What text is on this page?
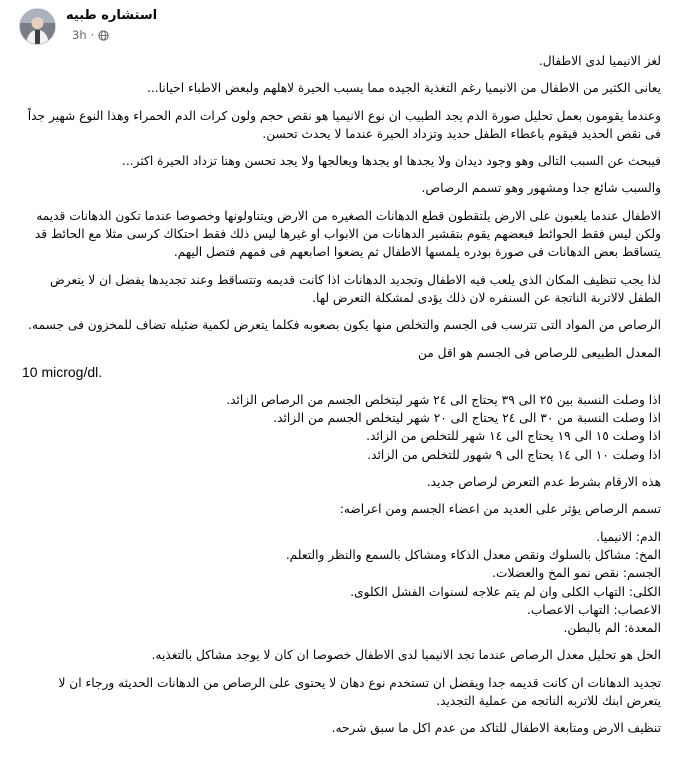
استشاره طبيه
3h ·

لغز الانيميا لدى الاطفال.

يعانى الكثير من الاطفال من الانيميا رغم التغذية الجيده مما يسبب الحيرة لاهلهم ولبعض الاطباء احيانا...

وعندما يقومون بعمل تحليل صورة الدم يجد الطبيب ان نوع الانيميا هو نقص حجم ولون كرات الدم الحمراء وهذا النوع شهير جداً فى نقص الحديد فيقوم باعطاء الطفل حديد وتزداد الحيرة عندما لا يحدث تحسن.

فيبحث عن السبب التالى وهو وجود ديدان ولا يجدها او يجدها ويعالجها ولا يجد تحسن وهنا تزداد الحيرة اكثر...

والسبب شائع جدا ومشهور وهو تسمم الرصاص.

الاطفال عندما يلعبون على الارض يلتقطون قطع الدهانات الصغيره من الارض ويتناولونها وخصوصا عندما تكون الدهانات قديمه ولكن ليس فقط الحوائط فبعضهم يقوم بتقشير الدهانات من الابواب او غيرها ليس ذلك فقط احتكاك كرسى مثلا مع الحائط قد يتساقط بعض الدهانات فى صورة بودره يلمسها الاطفال ثم يضعوا اصابعهم فى فمهم فتصل اليهم.

لذا يجب تنظيف المكان الذى يلعب فيه الاطفال وتجديد الدهانات اذا كانت قديمه وتتساقط وعند تجديدها يفضل ان لا يتعرض الطفل لالاتربة الناتجة عن السنفره لان ذلك يؤدى لمشكلة التعرض لها.

الرصاص من المواد التى تترسب فى الجسم والتخلص منها يكون بصعوبه فكلما يتعرض لكمية ضئيله تضاف للمخزون فى جسمه.

المعدل الطبيعى للرصاص فى الجسم هو اقل من

10 microg/dl.

اذا وصلت النسبة بين ٢٥ الى ٣٩ يحتاج الى ٢٤ شهر ليتخلص الجسم من الرصاص الزائد.

اذا وصلت النسبة من ٣٠ الى ٢٤ يحتاج الى ٢٠ شهر ليتخلص الجسم من الزائد.

اذا وصلت ١٥ الى ١٩ يحتاج الى ١٤ شهر للتخلص من الزائد.

اذا وصلت ١٠ الى ١٤ يحتاج الى ٩ شهور للتخلص من الزائد.

هذه الارقام بشرط عدم التعرض لرصاص جديد.

تسمم الرصاص يؤثر على العديد من اعضاء الجسم ومن اعراضه:

الدم: الانيميا.

المخ: مشاكل بالسلوك ونقص معدل الذكاء ومشاكل بالسمع والنظر والتعلم.

الجسم: نقص نمو المخ والعضلات.

الكلى: التهاب الكلى وان لم يتم علاجه لسنوات الفشل الكلوى.

الاعصاب: التهاب الاعصاب.

المعدة: الم بالبطن.

الحل هو تحليل معدل الرصاص عندما تجد الانيميا لدى الاطفال خصوصا ان كان لا يوجد مشاكل بالتغذيه.

تجديد الدهانات ان كانت قديمه جدا ويفضل ان تستخدم نوع دهان لا يحتوى على الرصاص من الدهانات الحديثه ورجاء ان لا يتعرض ابنك للاتربه الناتجه من عملية التجديد.

تنظيف الارض ومتابعة الاطفال للتاكد من عدم اكل ما سبق شرحه.
